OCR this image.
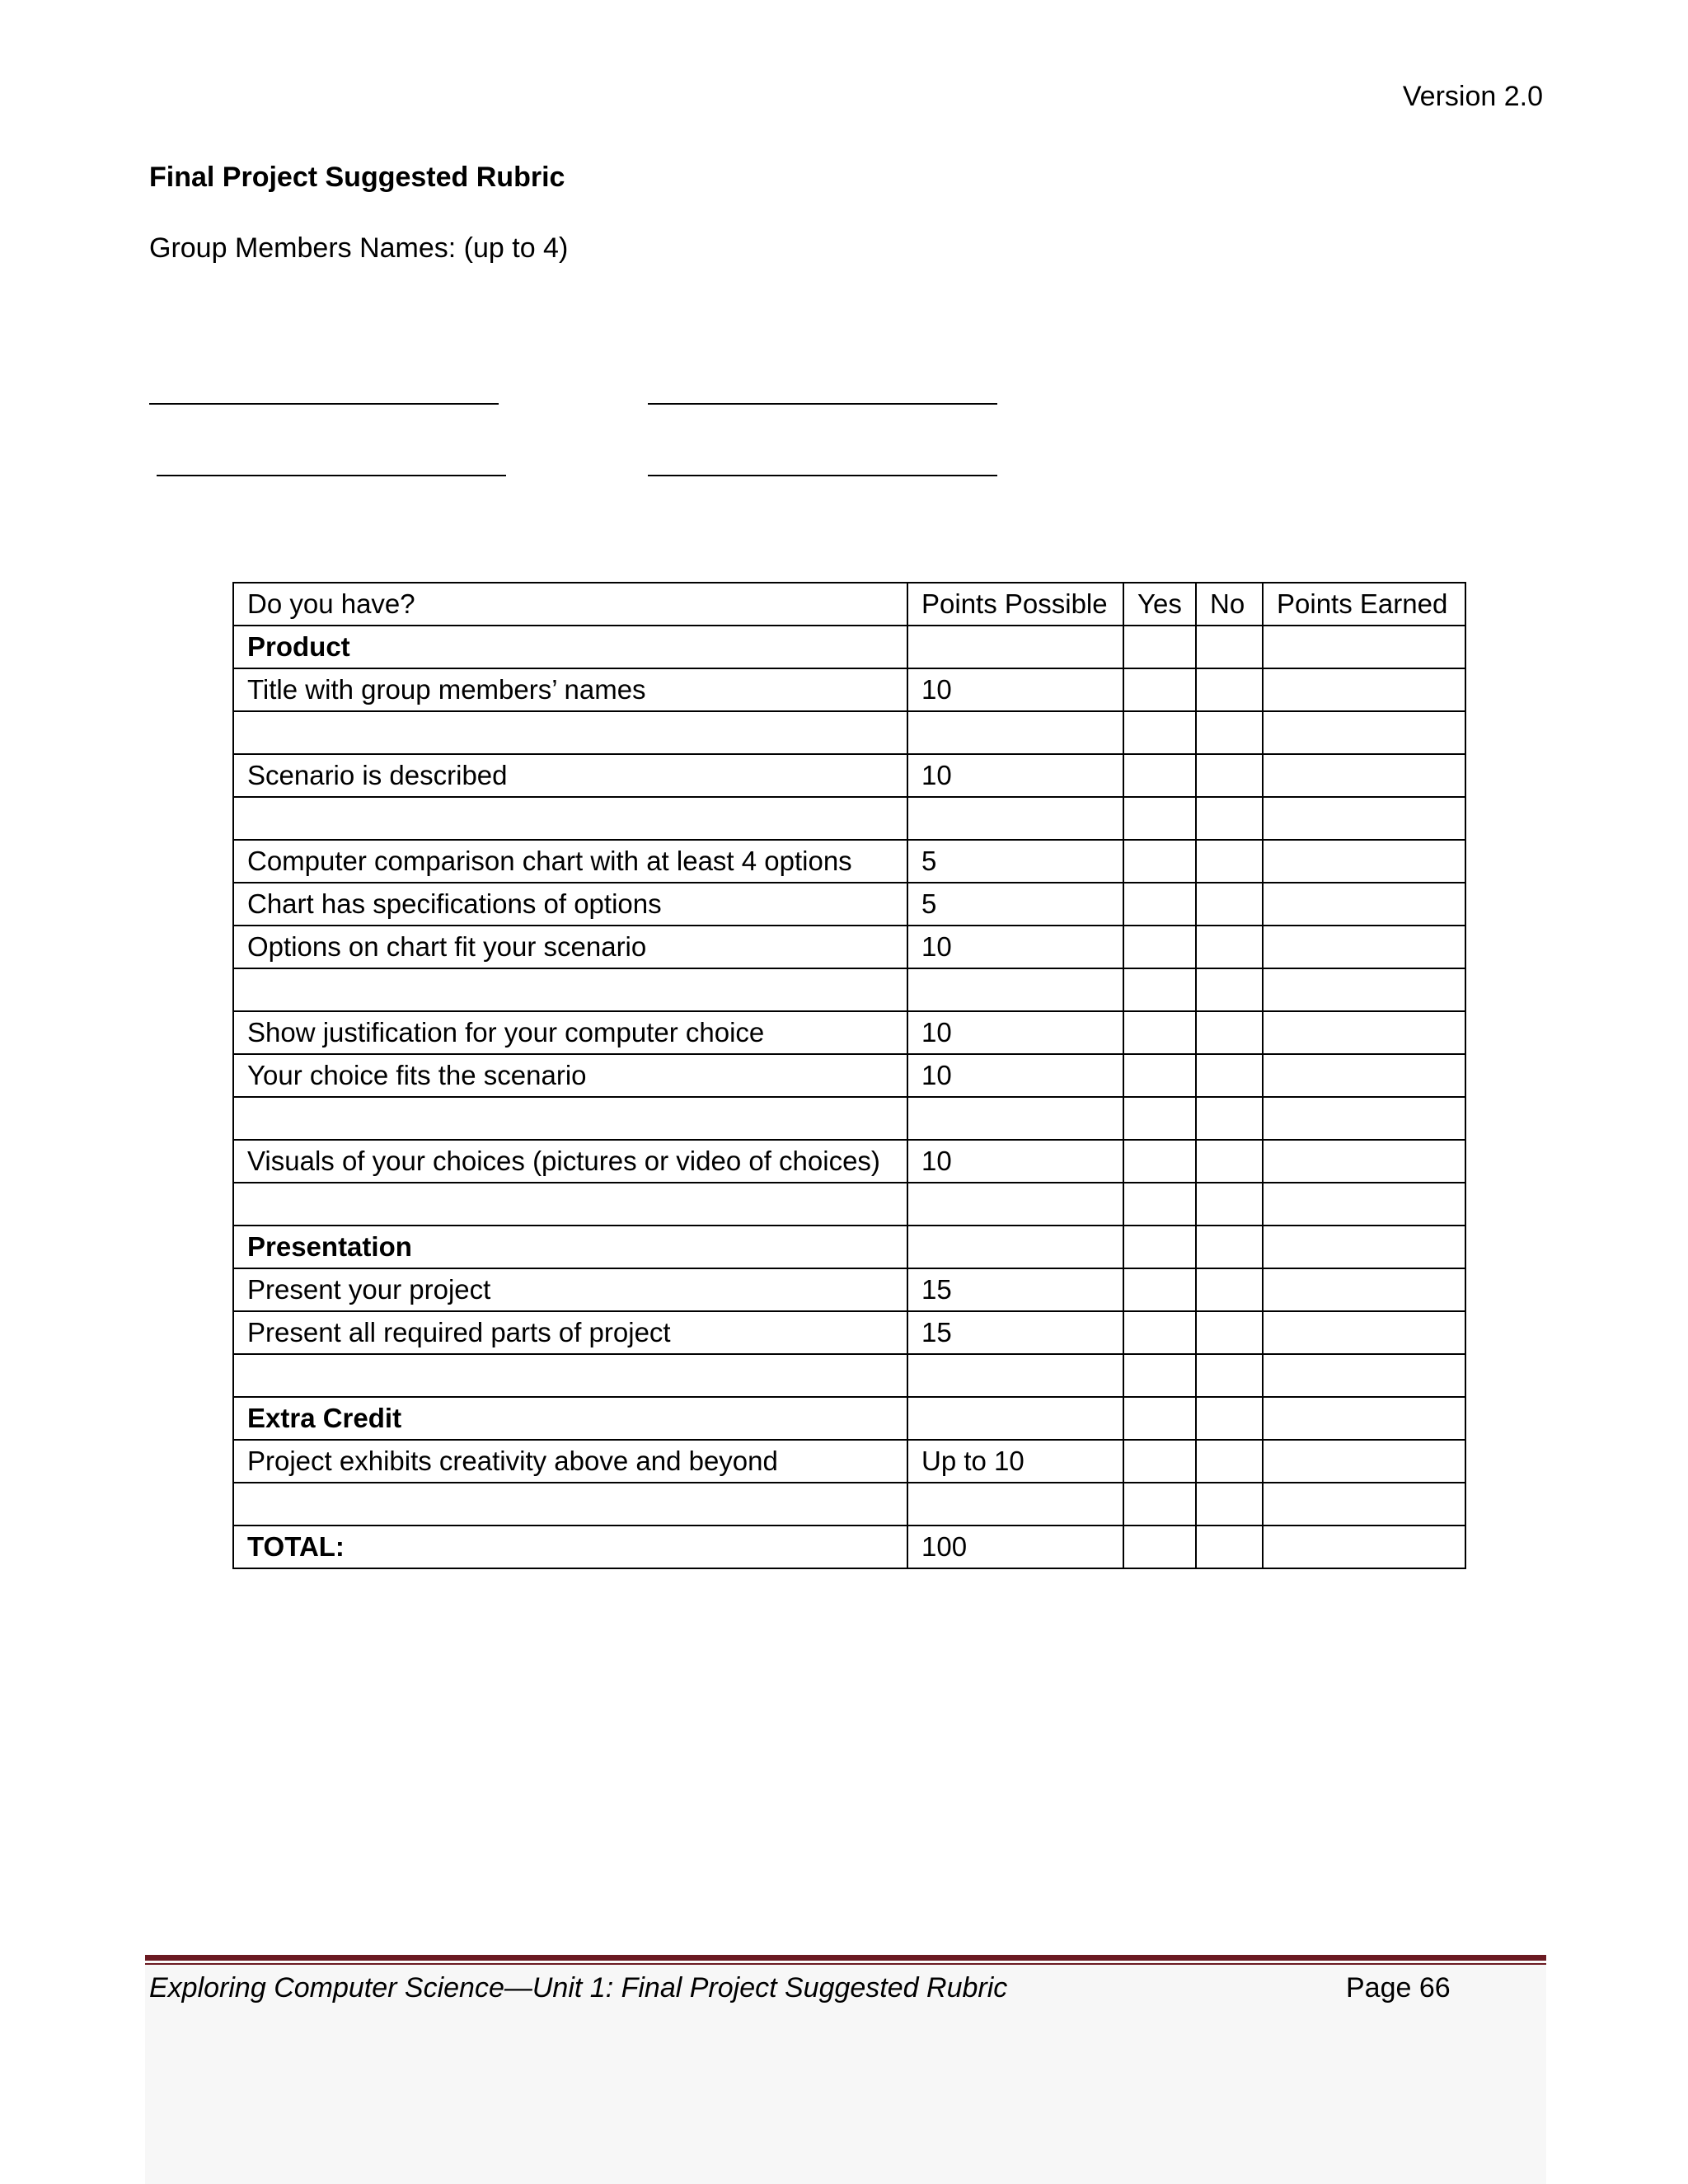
Version 2.0
Final Project Suggested Rubric
Group Members Names: (up to 4)
Do you have?	Points Possible	Yes	No	Points Earned
Product				
Title with group members’ names	10			

Scenario is described	10			

Computer comparison chart with at least 4 options	5			
Chart has specifications of options	5			
Options on chart fit your scenario	10			

Show justification for your computer choice	10			
Your choice fits the scenario	10			

Visuals of your choices (pictures or video of choices)	10			

Presentation				
Present your project	15			
Present all required parts of project	15			

Extra Credit				
Project exhibits creativity above and beyond	Up to 10			

TOTAL:	100			
Exploring Computer Science—Unit 1: Final Project Suggested Rubric	Page 66
